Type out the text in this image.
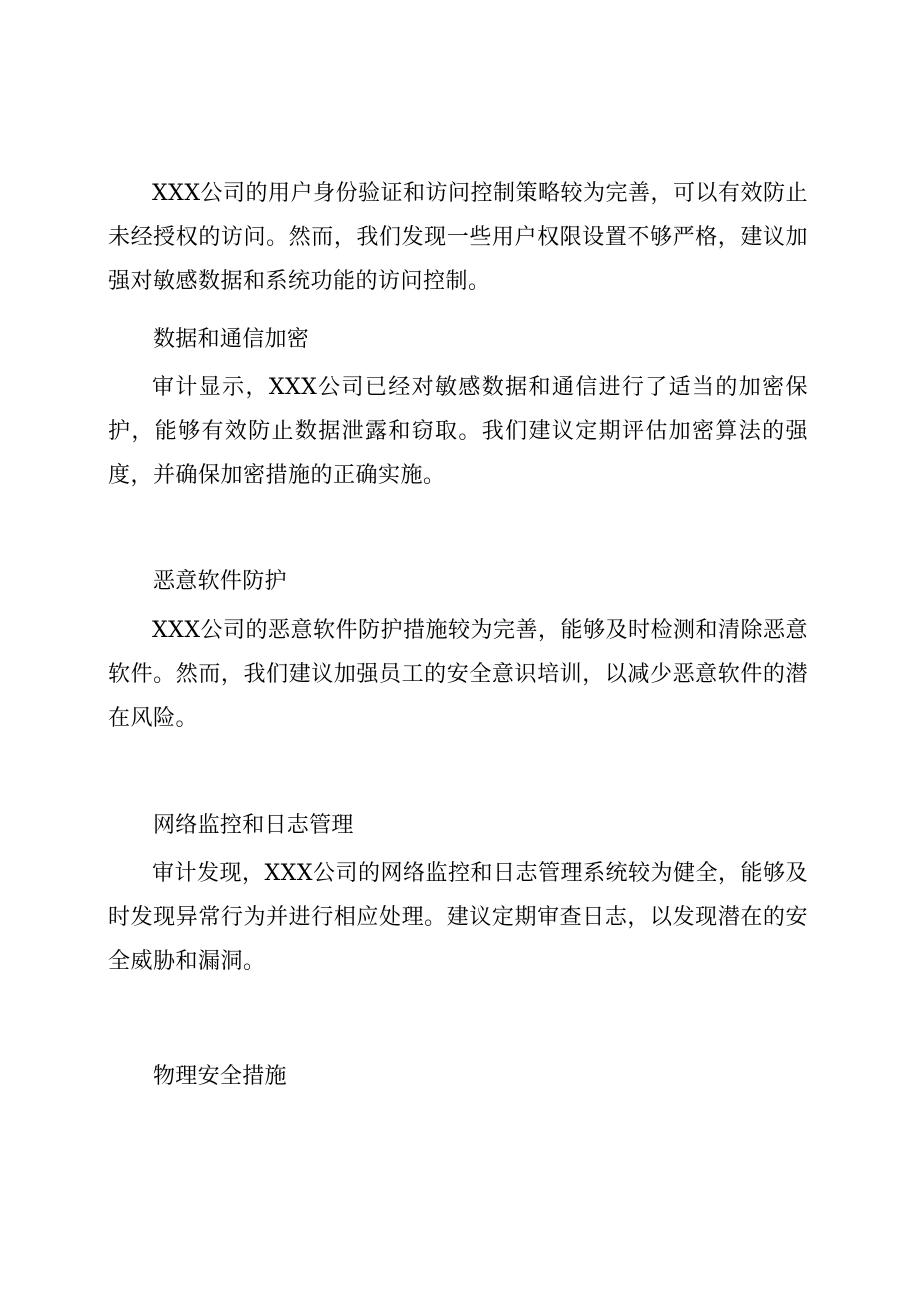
XXX公司的用户身份验证和访问控制策略较为完善，可以有效防止未经授权的访问。然而，我们发现一些用户权限设置不够严格，建议加强对敏感数据和系统功能的访问控制。

数据和通信加密

审计显示，XXX公司已经对敏感数据和通信进行了适当的加密保护，能够有效防止数据泄露和窃取。我们建议定期评估加密算法的强度，并确保加密措施的正确实施。

恶意软件防护

XXX公司的恶意软件防护措施较为完善，能够及时检测和清除恶意软件。然而，我们建议加强员工的安全意识培训，以减少恶意软件的潜在风险。

网络监控和日志管理

审计发现，XXX公司的网络监控和日志管理系统较为健全，能够及时发现异常行为并进行相应处理。建议定期审查日志，以发现潜在的安全威胁和漏洞。

物理安全措施
